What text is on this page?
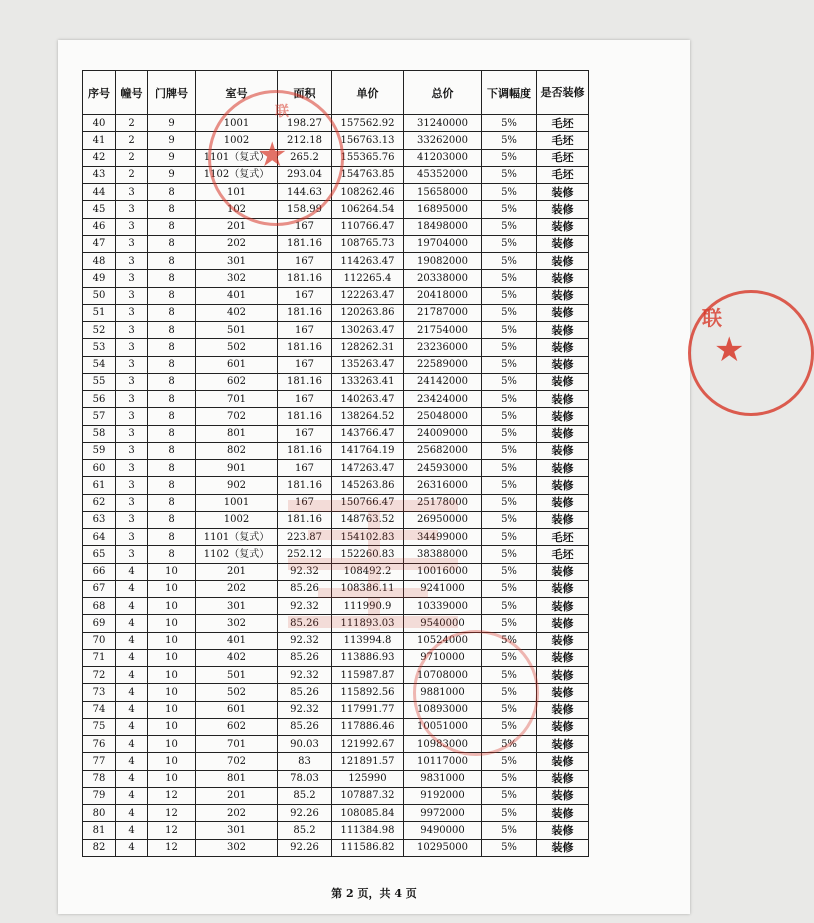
序号	幢号	门牌号	室号	面积	单价	总价	下调幅度	是否装修
40	2	9	1001	198.27	157562.92	31240000	5%	毛坯
41	2	9	1002	212.18	156763.13	33262000	5%	毛坯
42	2	9	1101（复式）	265.2	155365.76	41203000	5%	毛坯
43	2	9	1102（复式）	293.04	154763.85	45352000	5%	毛坯
44	3	8	101	144.63	108262.46	15658000	5%	装修
45	3	8	102	158.99	106264.54	16895000	5%	装修
46	3	8	201	167	110766.47	18498000	5%	装修
47	3	8	202	181.16	108765.73	19704000	5%	装修
48	3	8	301	167	114263.47	19082000	5%	装修
49	3	8	302	181.16	112265.4	20338000	5%	装修
50	3	8	401	167	122263.47	20418000	5%	装修
51	3	8	402	181.16	120263.86	21787000	5%	装修
52	3	8	501	167	130263.47	21754000	5%	装修
53	3	8	502	181.16	128262.31	23236000	5%	装修
54	3	8	601	167	135263.47	22589000	5%	装修
55	3	8	602	181.16	133263.41	24142000	5%	装修
56	3	8	701	167	140263.47	23424000	5%	装修
57	3	8	702	181.16	138264.52	25048000	5%	装修
58	3	8	801	167	143766.47	24009000	5%	装修
59	3	8	802	181.16	141764.19	25682000	5%	装修
60	3	8	901	167	147263.47	24593000	5%	装修
61	3	8	902	181.16	145263.86	26316000	5%	装修
62	3	8	1001	167	150766.47	25178000	5%	装修
63	3	8	1002	181.16	148763.52	26950000	5%	装修
64	3	8	1101（复式）	223.87	154102.83	34499000	5%	毛坯
65	3	8	1102（复式）	252.12	152260.83	38388000	5%	毛坯
66	4	10	201	92.32	108492.2	10016000	5%	装修
67	4	10	202	85.26	108386.11	9241000	5%	装修
68	4	10	301	92.32	111990.9	10339000	5%	装修
69	4	10	302	85.26	111893.03	9540000	5%	装修
70	4	10	401	92.32	113994.8	10524000	5%	装修
71	4	10	402	85.26	113886.93	9710000	5%	装修
72	4	10	501	92.32	115987.87	10708000	5%	装修
73	4	10	502	85.26	115892.56	9881000	5%	装修
74	4	10	601	92.32	117991.77	10893000	5%	装修
75	4	10	602	85.26	117886.46	10051000	5%	装修
76	4	10	701	90.03	121992.67	10983000	5%	装修
77	4	10	702	83	121891.57	10117000	5%	装修
78	4	10	801	78.03	125990	9831000	5%	装修
79	4	12	201	85.2	107887.32	9192000	5%	装修
80	4	12	202	92.26	108085.84	9972000	5%	装修
81	4	12	301	85.2	111384.98	9490000	5%	装修
82	4	12	302	92.26	111586.82	10295000	5%	装修
联
★
第 2 页，共 4 页
联
★
